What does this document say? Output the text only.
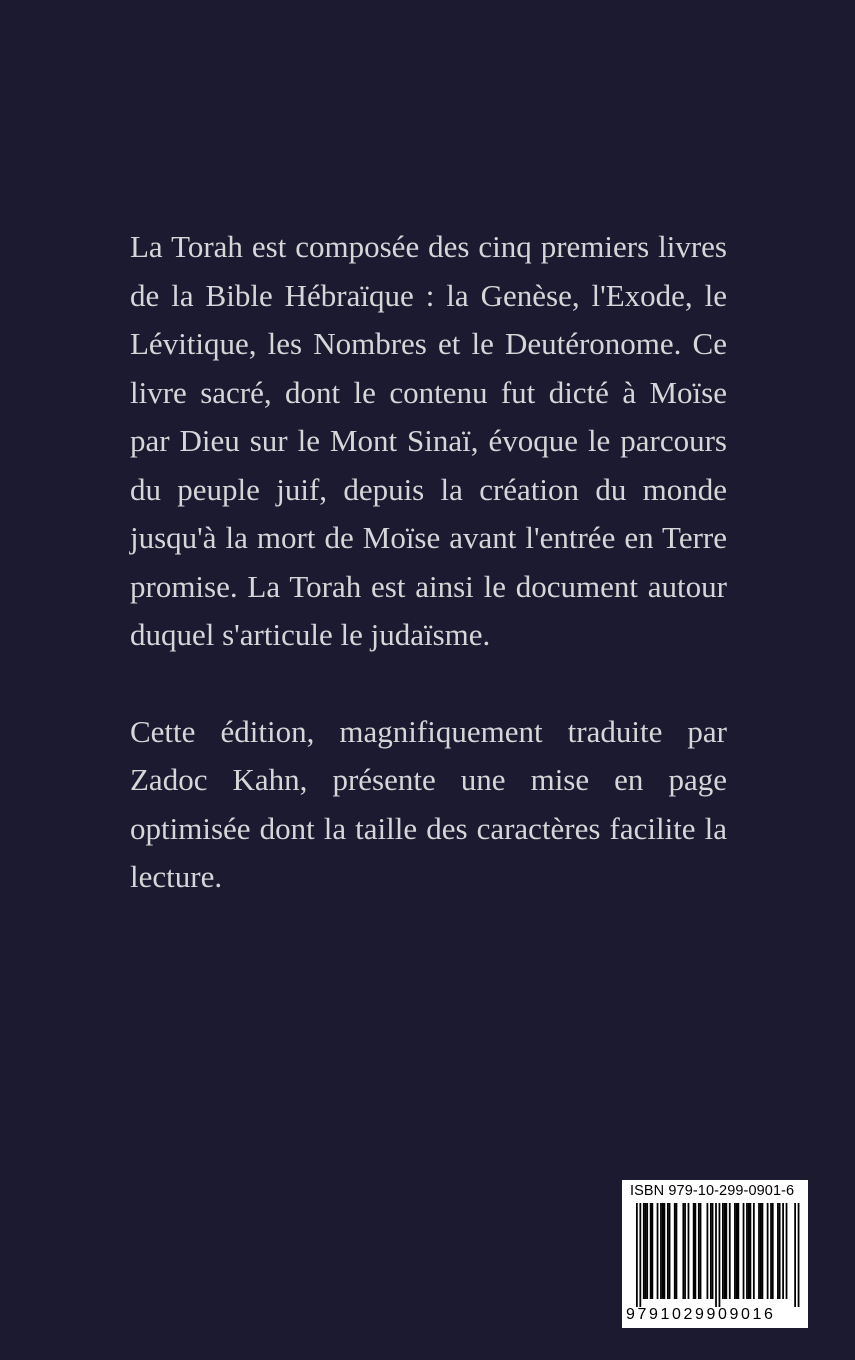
La Torah est composée des cinq premiers livres de la Bible Hébraïque : la Genèse, l'Exode, le Lévitique, les Nombres et le Deutéronome. Ce livre sacré, dont le contenu fut dicté à Moïse par Dieu sur le Mont Sinaï, évoque le parcours du peuple juif, depuis la création du monde jusqu'à la mort de Moïse avant l'entrée en Terre promise. La Torah est ainsi le document autour duquel s'articule le judaïsme.

Cette édition, magnifiquement traduite par Zadoc Kahn, présente une mise en page optimisée dont la taille des caractères facilite la lecture.

ISBN 979-10-299-0901-6
9791029909016
